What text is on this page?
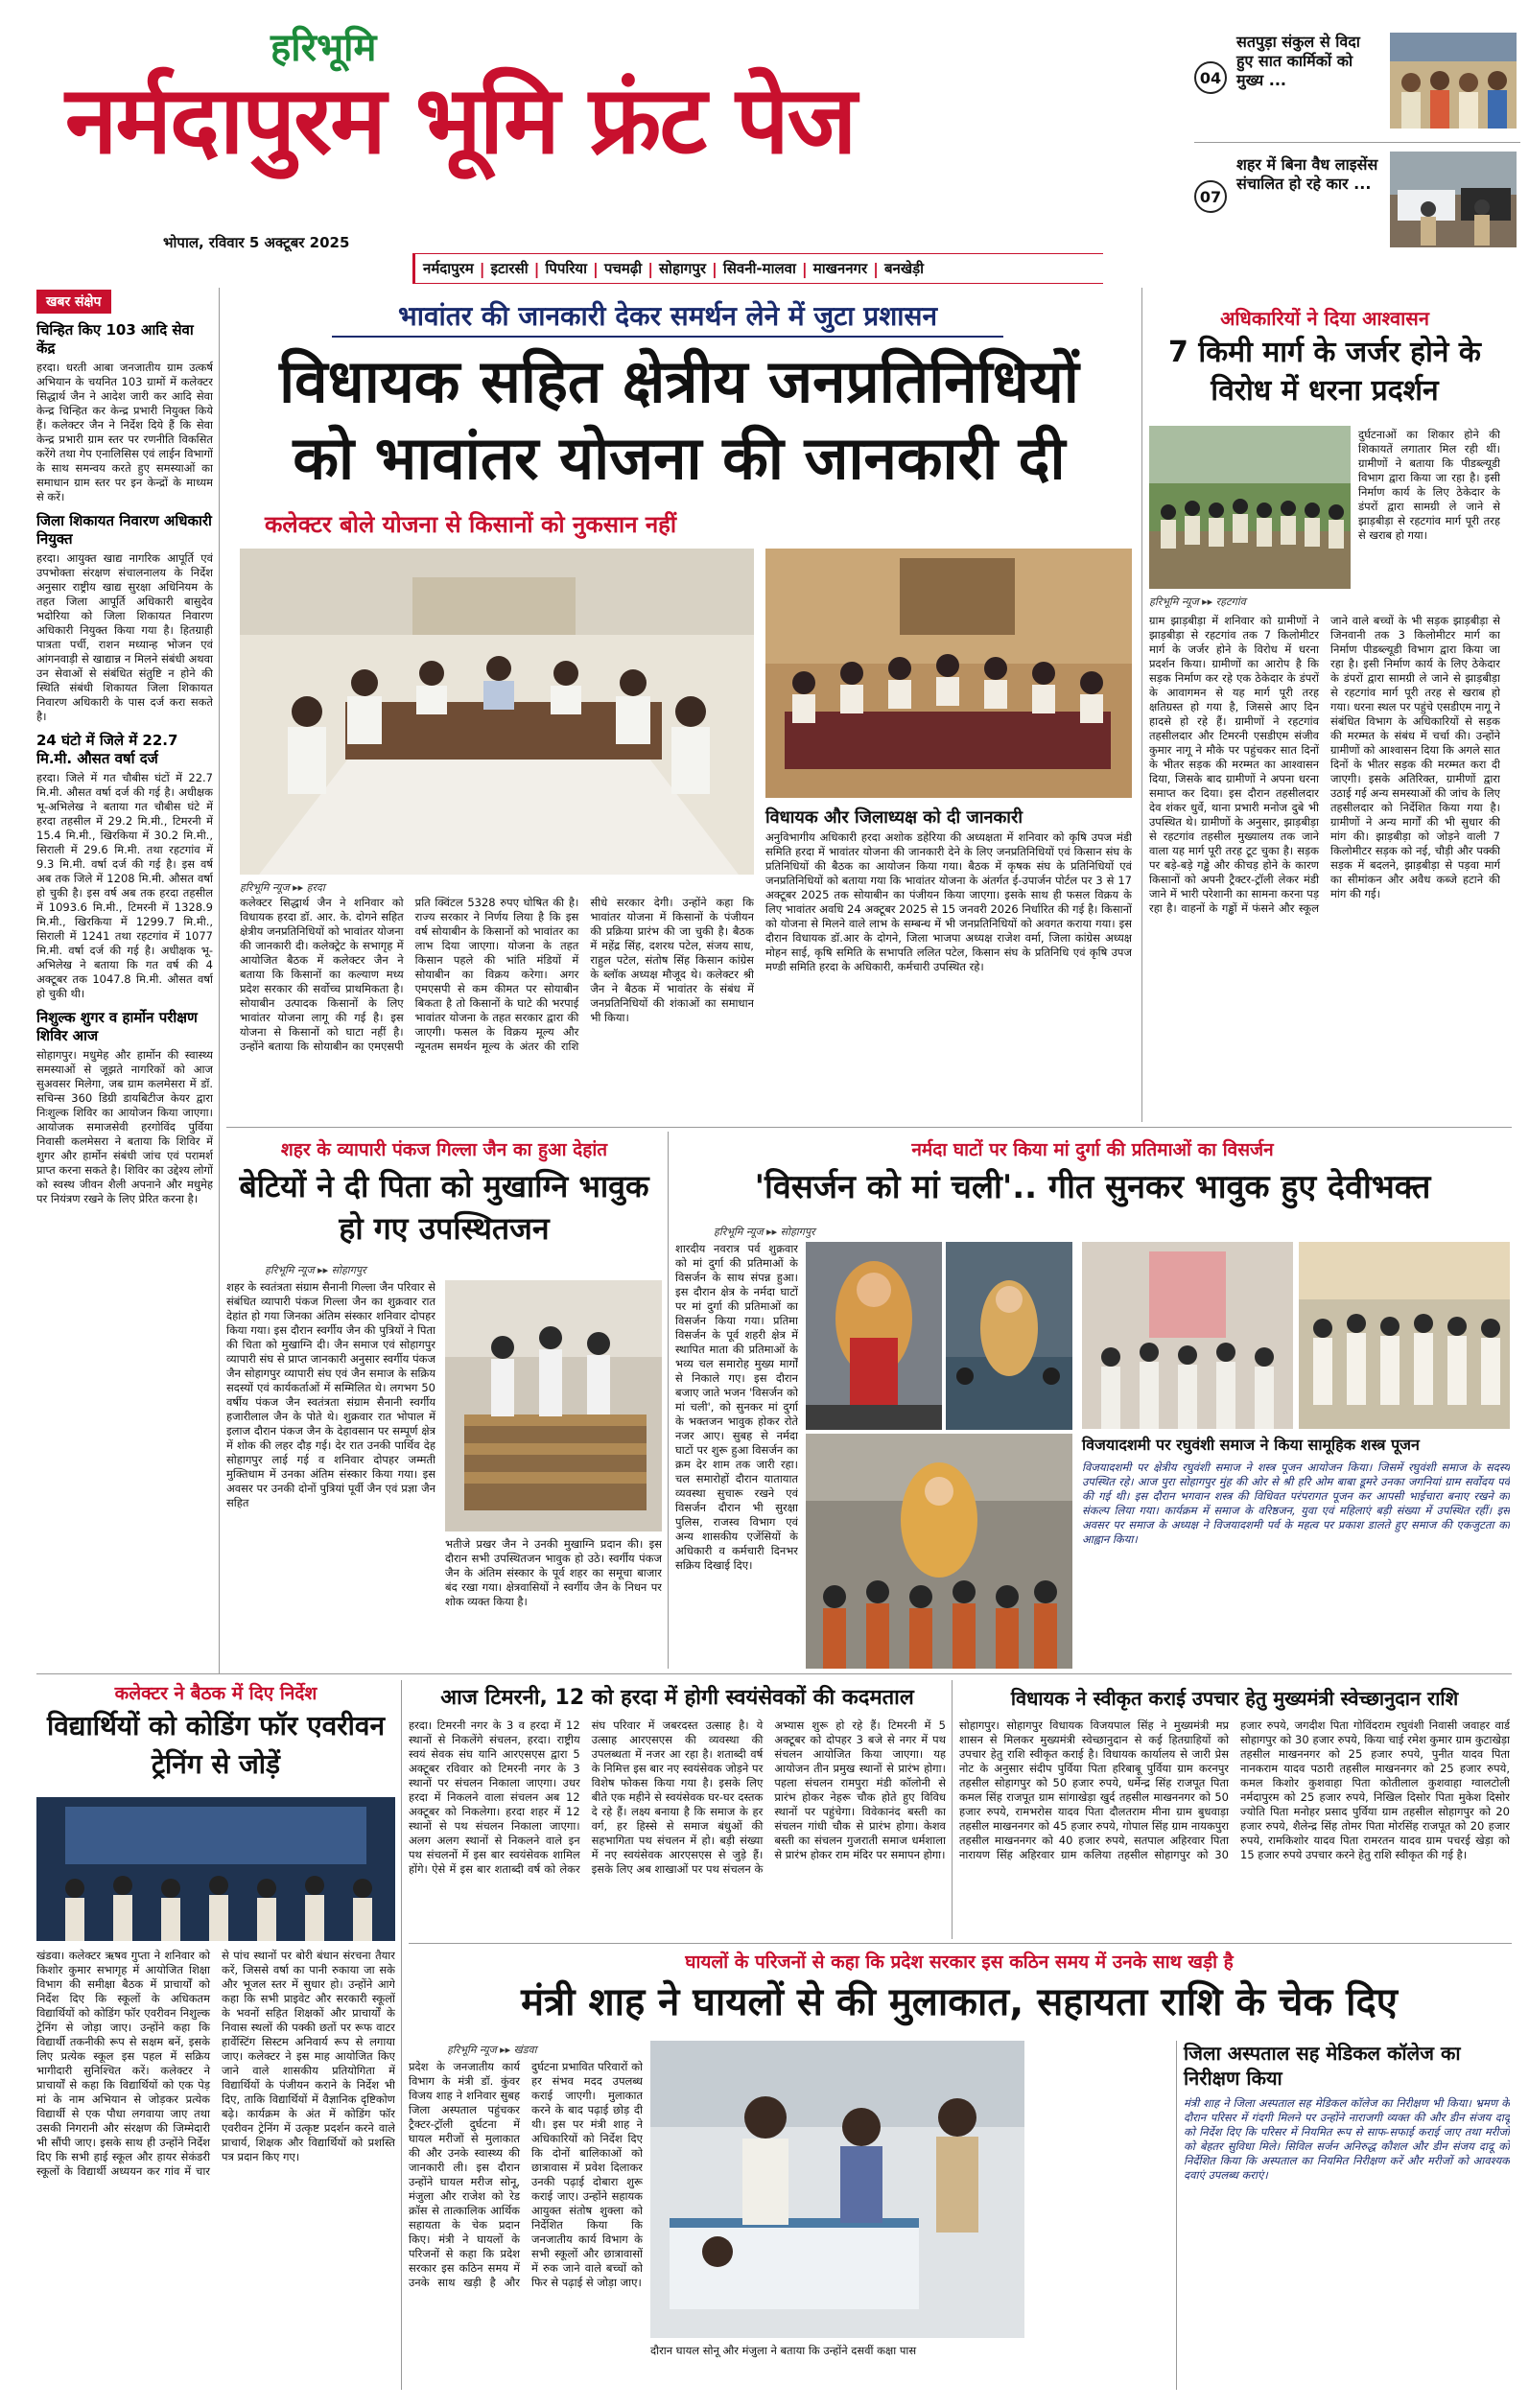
हरिभूमि
नर्मदापुरम भूमि फ्रंट पेज
भोपाल, रविवार 5 अक्टूबर 2025
04
सतपुड़ा संकुल से विदा हुए सात कार्मिकों को मुख्य ...
07
शहर में बिना वैध लाइसेंस संचालित हो रहे कार ...
नर्मदापुरम | इटारसी | पिपरिया | पचमढ़ी | सोहागपुर | सिवनी-मालवा | माखननगर | बनखेड़ी
खबर संक्षेप
चिन्हित किए 103 आदि सेवा केंद्र
हरदा। धरती आबा जनजातीय ग्राम उत्कर्ष अभियान के चयनित 103 ग्रामों में कलेक्टर सिद्धार्थ जैन ने आदेश जारी कर आदि सेवा केन्द्र चिन्हित कर केन्द्र प्रभारी नियुक्त किये हैं। कलेक्टर जैन ने निर्देश दिये हैं कि सेवा केन्द्र प्रभारी ग्राम स्तर पर रणनीति विकसित करेंगे तथा गेप एनालिसिस एवं लाईन विभागों के साथ समन्वय करते हुए समस्याओं का समाधान ग्राम स्तर पर इन केन्द्रों के माध्यम से करें।
जिला शिकायत निवारण अधिकारी नियुक्त
हरदा। आयुक्त खाद्य नागरिक आपूर्ति एवं उपभोक्ता संरक्षण संचालनालय के निर्देश अनुसार राष्ट्रीय खाद्य सुरक्षा अधिनियम के तहत जिला आपूर्ति अधिकारी बासुदेव भदोरिया को जिला शिकायत निवारण अधिकारी नियुक्त किया गया है। हितग्राही पात्रता पर्ची, राशन मध्यान्ह भोजन एवं आंगनवाड़ी से खाद्यान्न न मिलने संबंधी अथवा उन सेवाओं से संबंधित संतुष्टि न होने की स्थिति संबंधी शिकायत जिला शिकायत निवारण अधिकारी के पास दर्ज करा सकते है।
24 घंटो में जिले में 22.7 मि.मी. औसत वर्षा दर्ज
हरदा। जिले में गत चौबीस घंटों में 22.7 मि.मी. औसत वर्षा दर्ज की गई है। अधीक्षक भू-अभिलेख ने बताया गत चौबीस घंटे में हरदा तहसील में 29.2 मि.मी., टिमरनी में 15.4 मि.मी., खिरकिया में 30.2 मि.मी., सिराली में 29.6 मि.मी. तथा रहटगांव में 9.3 मि.मी. वर्षा दर्ज की गई है। इस वर्ष अब तक जिले में 1208 मि.मी. औसत वर्षा हो चुकी है। इस वर्ष अब तक हरदा तहसील में 1093.6 मि.मी., टिमरनी में 1328.9 मि.मी., खिरकिया में 1299.7 मि.मी., सिराली में 1241 तथा रहटगांव में 1077 मि.मी. वर्षा दर्ज की गई है। अधीक्षक भू-अभिलेख ने बताया कि गत वर्ष की 4 अक्टूबर तक 1047.8 मि.मी. औसत वर्षा हो चुकी थी।
निशुल्क शुगर व हार्मोन परीक्षण शिविर आज
सोहागपुर। मधुमेह और हार्मोन की स्वास्थ्य समस्याओं से जूझते नागरिकों को आज सुअवसर मिलेगा, जब ग्राम कलमेसरा में डॉ. सचिन्स 360 डिग्री डायबिटीज केयर द्वारा निःशुल्क शिविर का आयोजन किया जाएगा। आयोजक समाजसेवी हरगोविंद पुर्विया निवासी कलमेसरा ने बताया कि शिविर में शुगर और हार्मोन संबंधी जांच एवं परामर्श प्राप्त करना सकते है। शिविर का उद्देश्य लोगों को स्वस्थ जीवन शैली अपनाने और मधुमेह पर नियंत्रण रखने के लिए प्रेरित करना है।
भावांतर की जानकारी देकर समर्थन लेने में जुटा प्रशासन
विधायक सहित क्षेत्रीय जनप्रतिनिधियों
को भावांतर योजना की जानकारी दी
कलेक्टर बोले योजना से किसानों को नुकसान नहीं
हरिभूमि न्यूज ▸▸ हरदा
कलेक्टर सिद्धार्थ जैन ने शनिवार को विधायक हरदा डॉ. आर. के. दोगने सहित क्षेत्रीय जनप्रतिनिधियों को भावांतर योजना की जानकारी दी। कलेक्ट्रेट के सभागृह में आयोजित बैठक में कलेक्टर जैन ने बताया कि किसानों का कल्याण मध्य प्रदेश सरकार की सर्वोच्च प्राथमिकता है। सोयाबीन उत्पादक किसानों के लिए भावांतर योजना लागू की गई है। इस योजना से किसानों को घाटा नहीं है। उन्होंने बताया कि सोयाबीन का एमएसपी प्रति क्विंटल 5328 रुपए घोषित की है। राज्य सरकार ने निर्णय लिया है कि इस वर्ष सोयाबीन के किसानों को भावांतर का लाभ दिया जाएगा। योजना के तहत किसान पहले की भांति मंडियों में सोयाबीन का विक्रय करेगा। अगर एमएसपी से कम कीमत पर सोयाबीन बिकता है तो किसानों के घाटे की भरपाई भावांतर योजना के तहत सरकार द्वारा की जाएगी। फसल के विक्रय मूल्य और न्यूनतम समर्थन मूल्य के अंतर की राशि सीधे सरकार देगी। उन्होंने कहा कि भावांतर योजना में किसानों के पंजीयन की प्रक्रिया प्रारंभ की जा चुकी है। बैठक में महेंद्र सिंह, दशरथ पटेल, संजय साध, राहुल पटेल, संतोष सिंह किसान कांग्रेस के ब्लॉक अध्यक्ष मौजूद थे। कलेक्टर श्री जैन ने बैठक में भावांतर के संबंध में जनप्रतिनिधियों की शंकाओं का समाधान भी किया।
विधायक और जिलाध्यक्ष को दी जानकारी
अनुविभागीय अधिकारी हरदा अशोक डहेरिया की अध्यक्षता में शनिवार को कृषि उपज मंडी समिति हरदा में भावांतर योजना की जानकारी देने के लिए जनप्रतिनिधियों एवं किसान संघ के प्रतिनिधियों की बैठक का आयोजन किया गया। बैठक में कृषक संघ के प्रतिनिधियों एवं जनप्रतिनिधियों को बताया गया कि भावांतर योजना के अंतर्गत ई-उपार्जन पोर्टल पर 3 से 17 अक्टूबर 2025 तक सोयाबीन का पंजीयन किया जाएगा। इसके साथ ही फसल विक्रय के लिए भावांतर अवधि 24 अक्टूबर 2025 से 15 जनवरी 2026 निर्धारित की गई है। किसानों को योजना से मिलने वाले लाभ के सम्बन्ध में भी जनप्रतिनिधियों को अवगत कराया गया। इस दौरान विधायक डॉ.आर के दोगने, जिला भाजपा अध्यक्ष राजेश वर्मा, जिला कांग्रेस अध्यक्ष मोहन साई, कृषि समिति के सभापति ललित पटेल, किसान संघ के प्रतिनिधि एवं कृषि उपज मण्डी समिति हरदा के अधिकारी, कर्मचारी उपस्थित रहे।
अधिकारियों ने दिया आश्वासन
7 किमी मार्ग के जर्जर होने के विरोध में धरना प्रदर्शन
दुर्घटनाओं का शिकार होने की शिकायतें लगातार मिल रही थीं। ग्रामीणों ने बताया कि पीडब्ल्यूडी विभाग द्वारा किया जा रहा है। इसी निर्माण कार्य के लिए ठेकेदार के डंपरों द्वारा सामग्री ले जाने से झाड़बीड़ा से रहटगांव मार्ग पूरी तरह से खराब हो गया।
हरिभूमि न्यूज ▸▸ रहटगांव
ग्राम झाड़बीड़ा में शनिवार को ग्रामीणों ने झाड़बीड़ा से रहटगांव तक 7 किलोमीटर मार्ग के जर्जर होने के विरोध में धरना प्रदर्शन किया। ग्रामीणों का आरोप है कि सड़क निर्माण कर रहे एक ठेकेदार के डंपरों के आवागमन से यह मार्ग पूरी तरह क्षतिग्रस्त हो गया है, जिससे आए दिन हादसे हो रहे हैं। ग्रामीणों ने रहटगांव तहसीलदार और टिमरनी एसडीएम संजीव कुमार नागू ने मौके पर पहुंचकर सात दिनों के भीतर सड़क की मरम्मत का आश्वासन दिया, जिसके बाद ग्रामीणों ने अपना धरना समाप्त कर दिया। इस दौरान तहसीलदार देव शंकर धुर्वे, थाना प्रभारी मनोज दुबे भी उपस्थित थे। ग्रामीणों के अनुसार, झाड़बीड़ा से रहटगांव तहसील मुख्यालय तक जाने वाला यह मार्ग पूरी तरह टूट चुका है। सड़क पर बड़े-बड़े गड्ढे और कीचड़ होने के कारण किसानों को अपनी ट्रैक्टर-ट्रॉली लेकर मंडी जाने में भारी परेशानी का सामना करना पड़ रहा है। वाहनों के गड्ढों में फंसने और स्कूल जाने वाले बच्चों के भी सड़क झाड़बीड़ा से जिनवानी तक 3 किलोमीटर मार्ग का निर्माण पीडब्ल्यूडी विभाग द्वारा किया जा रहा है। इसी निर्माण कार्य के लिए ठेकेदार के डंपरों द्वारा सामग्री ले जाने से झाड़बीड़ा से रहटगांव मार्ग पूरी तरह से खराब हो गया। धरना स्थल पर पहुंचे एसडीएम नागू ने संबंधित विभाग के अधिकारियों से सड़क की मरम्मत के संबंध में चर्चा की। उन्होंने ग्रामीणों को आश्वासन दिया कि अगले सात दिनों के भीतर सड़क की मरम्मत करा दी जाएगी। इसके अतिरिक्त, ग्रामीणों द्वारा उठाई गई अन्य समस्याओं की जांच के लिए तहसीलदार को निर्देशित किया गया है। ग्रामीणों ने अन्य मार्गों की भी सुधार की मांग की। झाड़बीड़ा को जोड़ने वाली 7 किलोमीटर सड़क को नई, चौड़ी और पक्की सड़क में बदलने, झाड़बीड़ा से पड़वा मार्ग का सीमांकन और अवैध कब्जे हटाने की मांग की गई।
शहर के व्यापारी पंकज गिल्ला जैन का हुआ देहांत
बेटियों ने दी पिता को मुखाग्नि भावुक हो गए उपस्थितजन
हरिभूमि न्यूज ▸▸ सोहागपुर
शहर के स्वतंत्रता संग्राम सैनानी गिल्ला जैन परिवार से संबंधित व्यापारी पंकज गिल्ला जैन का शुक्रवार रात देहांत हो गया जिनका अंतिम संस्कार शनिवार दोपहर किया गया। इस दौरान स्वर्गीय जैन की पुत्रियों ने पिता की चिता को मुखाग्नि दी। जैन समाज एवं सोहागपुर व्यापारी संघ से प्राप्त जानकारी अनुसार स्वर्गीय पंकज जैन सोहागपुर व्यापारी संघ एवं जैन समाज के सक्रिय सदस्यों एवं कार्यकर्ताओं में सम्मिलित थे। लगभग 50 वर्षीय पंकज जैन स्वतंत्रता संग्राम सैनानी स्वर्गीय हजारीलाल जैन के पोते थे। शुक्रवार रात भोपाल में इलाज दौरान पंकज जैन के देहावसान पर सम्पूर्ण क्षेत्र में शोक की लहर दौड़ गई। देर रात उनकी पार्थिव देह सोहागपुर लाई गई व शनिवार दोपहर जम्मती मुक्तिधाम में उनका अंतिम संस्कार किया गया। इस अवसर पर उनकी दोनों पुत्रियां पूर्वी जैन एवं प्रज्ञा जैन सहित
भतीजे प्रखर जैन ने उनकी मुखाग्नि प्रदान की। इस दौरान सभी उपस्थितजन भावुक हो उठे। स्वर्गीय पंकज जैन के अंतिम संस्कार के पूर्व शहर का समूचा बाजार बंद रखा गया। क्षेत्रवासियों ने स्वर्गीय जैन के निधन पर शोक व्यक्त किया है।
नर्मदा घाटों पर किया मां दुर्गा की प्रतिमाओं का विसर्जन
'विसर्जन को मां चली'.. गीत सुनकर भावुक हुए देवीभक्त
हरिभूमि न्यूज ▸▸ सोहागपुर
शारदीय नवरात्र पर्व शुक्रवार को मां दुर्गा की प्रतिमाओं के विसर्जन के साथ संपन्न हुआ। इस दौरान क्षेत्र के नर्मदा घाटों पर मां दुर्गा की प्रतिमाओं का विसर्जन किया गया। प्रतिमा विसर्जन के पूर्व शहरी क्षेत्र में स्थापित माता की प्रतिमाओं के भव्य चल समारोह मुख्य मार्गों से निकाले गए। इस दौरान बजाए जाते भजन 'विसर्जन को मां चली', को सुनकर मां दुर्गा के भक्तजन भावुक होकर रोते नजर आए। सुबह से नर्मदा घाटों पर शुरू हुआ विसर्जन का क्रम देर शाम तक जारी रहा। चल समारोहों दौरान यातायात व्यवस्था सुचारू रखने एवं विसर्जन दौरान भी सुरक्षा पुलिस, राजस्व विभाग एवं अन्य शासकीय एजेंसियों के अधिकारी व कर्मचारी दिनभर सक्रिय दिखाई दिए।
विजयादशमी पर रघुवंशी समाज ने किया सामूहिक शस्त्र पूजन
विजयादशमी पर क्षेत्रीय रघुवंशी समाज ने शस्त्र पूजन आयोजन किया। जिसमें रघुवंशी समाज के सदस्य उपस्थित रहे। आज पुरा सोहागपुर मुंह की ओर से श्री हरि ओम बाबा डूमरे उनका जगनियां ग्राम सर्वोदय पर्व की गई थी। इस दौरान भगवान शस्त्र की विधिवत परंपरागत पूजन कर आपसी भाईचारा बनाए रखने का संकल्प लिया गया। कार्यक्रम में समाज के वरिष्ठजन, युवा एवं महिलाएं बड़ी संख्या में उपस्थित रहीं। इस अवसर पर समाज के अध्यक्ष ने विजयादशमी पर्व के महत्व पर प्रकाश डालते हुए समाज की एकजुटता का आह्वान किया।
कलेक्टर ने बैठक में दिए निर्देश
विद्यार्थियों को कोडिंग फॉर एवरीवन ट्रेनिंग से जोड़ें
खंडवा। कलेक्टर ऋषव गुप्ता ने शनिवार को किशोर कुमार सभागृह में आयोजित शिक्षा विभाग की समीक्षा बैठक में प्राचार्यों को निर्देश दिए कि स्कूलों के अधिकतम विद्यार्थियों को कोडिंग फॉर एवरीवन निशुल्क ट्रेनिंग से जोड़ा जाए। उन्होंने कहा कि विद्यार्थी तकनीकी रूप से सक्षम बनें, इसके लिए प्रत्येक स्कूल इस पहल में सक्रिय भागीदारी सुनिश्चित करें। कलेक्टर ने प्राचार्यों से कहा कि विद्यार्थियों को एक पेड़ मां के नाम अभियान से जोड़कर प्रत्येक विद्यार्थी से एक पौधा लगवाया जाए तथा उसकी निगरानी और संरक्षण की जिम्मेदारी भी सौंपी जाए। इसके साथ ही उन्होंने निर्देश दिए कि सभी हाई स्कूल और हायर सेकंडरी स्कूलों के विद्यार्थी अध्ययन कर गांव में चार से पांच स्थानों पर बोरी बंधान संरचना तैयार करें, जिससे वर्षा का पानी रुकाया जा सके और भूजल स्तर में सुधार हो। उन्होंने आगे कहा कि सभी प्राइवेट और सरकारी स्कूलों के भवनों सहित शिक्षकों और प्राचार्यों के निवास स्थलों की पक्की छतों पर रूफ वाटर हार्वेस्टिंग सिस्टम अनिवार्य रूप से लगाया जाए। कलेक्टर ने इस माह आयोजित किए जाने वाले शासकीय प्रतियोगिता में विद्यार्थियों के पंजीयन कराने के निर्देश भी दिए, ताकि विद्यार्थियों में वैज्ञानिक दृष्टिकोण बढ़े। कार्यक्रम के अंत में कोडिंग फॉर एवरीवन ट्रेनिंग में उत्कृष्ट प्रदर्शन करने वाले प्राचार्य, शिक्षक और विद्यार्थियों को प्रशस्ति पत्र प्रदान किए गए।
आज टिमरनी, 12 को हरदा में होगी स्वयंसेवकों की कदमताल
हरदा। टिमरनी नगर के 3 व हरदा में 12 स्थानों से निकलेंगे संचलन, हरदा। राष्ट्रीय स्वयं सेवक संघ यानि आरएसएस द्वारा 5 अक्टूबर रविवार को टिमरनी नगर के 3 स्थानों पर संचलन निकाला जाएगा। उधर हरदा में निकलने वाला संचलन अब 12 अक्टूबर को निकलेगा। हरदा शहर में 12 स्थानों से पथ संचलन निकाला जाएगा। अलग अलग स्थानों से निकलने वाले इन पथ संचलनों में इस बार स्वयंसेवक शामिल होंगे। ऐसे में इस बार शताब्दी वर्ष को लेकर संघ परिवार में जबरदस्त उत्साह है। ये उत्साह आरएसएस की व्यवस्था की उपलब्धता में नजर आ रहा है। शताब्दी वर्ष के निमित्त इस बार नए स्वयंसेवक जोड़ने पर विशेष फोकस किया गया है। इसके लिए बीते एक महीने से स्वयंसेवक घर-घर दस्तक दे रहे हैं। लक्ष्य बनाया है कि समाज के हर वर्ग, हर हिस्से से समाज बंधुओं की सहभागिता पथ संचलन में हो। बड़ी संख्या में नए स्वयंसेवक आरएसएस से जुड़े हैं। इसके लिए अब शाखाओं पर पथ संचलन के अभ्यास शुरू हो रहे हैं। टिमरनी में 5 अक्टूबर को दोपहर 3 बजे से नगर में पथ संचलन आयोजित किया जाएगा। यह आयोजन तीन प्रमुख स्थानों से प्रारंभ होगा। पहला संचलन रामपुरा मंडी कॉलोनी से प्रारंभ होकर नेहरू चौक होते हुए विविध स्थानों पर पहुंचेगा। विवेकानंद बस्ती का संचलन गांधी चौक से प्रारंभ होगा। केशव बस्ती का संचलन गुजराती समाज धर्मशाला से प्रारंभ होकर राम मंदिर पर समापन होगा।
विधायक ने स्वीकृत कराई उपचार हेतु मुख्यमंत्री स्वेच्छानुदान राशि
सोहागपुर। सोहागपुर विधायक विजयपाल सिंह ने मुख्यमंत्री मप्र शासन से मिलकर मुख्यमंत्री स्वेच्छानुदान से कई हितग्राहियों को उपचार हेतु राशि स्वीकृत कराई है। विधायक कार्यालय से जारी प्रेस नोट के अनुसार संदीप पुर्विया पिता हरिबाबू पुर्विया ग्राम करनपुर तहसील सोहागपुर को 50 हजार रुपये, धर्मेन्द्र सिंह राजपूत पिता कमल सिंह राजपूत ग्राम सांगाखेड़ा खुर्द तहसील माखननगर को 50 हजार रुपये, रामभरोस यादव पिता दौलतराम मीना ग्राम बुधवाड़ा तहसील माखननगर को 45 हजार रुपये, गोपाल सिंह ग्राम नायकपुरा तहसील माखननगर को 40 हजार रुपये, सतपाल अहिरवार पिता नारायण सिंह अहिरवार ग्राम कलिया तहसील सोहागपुर को 30 हजार रुपये, जगदीश पिता गोविंदराम रघुवंशी निवासी जवाहर वार्ड सोहागपुर को 30 हजार रुपये, किया चाई रमेश कुमार ग्राम कुटाखेड़ा तहसील माखननगर को 25 हजार रुपये, पुनीत यादव पिता नानकराम यादव पठारी तहसील माखननगर को 25 हजार रुपये, कमल किशोर कुशवाहा पिता कोतीलाल कुशवाहा ग्वालटोली नर्मदापुरम को 25 हजार रुपये, निखिल दिसोर पिता मुकेश दिसोर ज्योति पिता मनोहर प्रसाद पुर्विया ग्राम तहसील सोहागपुर को 20 हजार रुपये, शैलेन्द्र सिंह तोमर पिता मोरसिंह राजपूत को 20 हजार रुपये, रामकिशोर यादव पिता रामरतन यादव ग्राम पचरई खेड़ा को 15 हजार रुपये उपचार करने हेतु राशि स्वीकृत की गई है।
घायलों के परिजनों से कहा कि प्रदेश सरकार इस कठिन समय में उनके साथ खड़ी है
मंत्री शाह ने घायलों से की मुलाकात, सहायता राशि के चेक दिए
हरिभूमि न्यूज ▸▸ खंडवा
प्रदेश के जनजातीय कार्य विभाग के मंत्री डॉ. कुंवर विजय शाह ने शनिवार सुबह जिला अस्पताल पहुंचकर ट्रैक्टर-ट्रॉली दुर्घटना में घायल मरीजों से मुलाकात की और उनके स्वास्थ्य की जानकारी ली। इस दौरान उन्होंने घायल मरीज सोनू, मंजुला और राजेश को रेड क्रॉस से तात्कालिक आर्थिक सहायता के चेक प्रदान किए। मंत्री ने घायलों के परिजनों से कहा कि प्रदेश सरकार इस कठिन समय में उनके साथ खड़ी है और दुर्घटना प्रभावित परिवारों को हर संभव मदद उपलब्ध कराई जाएगी। मुलाकात करने के बाद पढ़ाई छोड़ दी थी। इस पर मंत्री शाह ने अधिकारियों को निर्देश दिए कि दोनों बालिकाओं को छात्रावास में प्रवेश दिलाकर उनकी पढ़ाई दोबारा शुरू कराई जाए। उन्होंने सहायक आयुक्त संतोष शुक्ला को निर्देशित किया कि जनजातीय कार्य विभाग के सभी स्कूलों और छात्रावासों में रुक जाने वाले बच्चों को फिर से पढ़ाई से जोड़ा जाए।
दौरान घायल सोनू और मंजुला ने बताया कि उन्होंने दसवीं कक्षा पास
जिला अस्पताल सह मेडिकल कॉलेज का निरीक्षण किया
मंत्री शाह ने जिला अस्पताल सह मेडिकल कॉलेज का निरीक्षण भी किया। भ्रमण के दौरान परिसर में गंदगी मिलने पर उन्होंने नाराजगी व्यक्त की और डीन संजय दादू को निर्देश दिए कि परिसर में नियमित रूप से साफ-सफाई कराई जाए तथा मरीजों को बेहतर सुविधा मिले। सिविल सर्जन अनिरुद्ध कौशल और डीन संजय दादू को निर्देशित किया कि अस्पताल का नियमित निरीक्षण करें और मरीजों को आवश्यक दवाएं उपलब्ध कराएं।
